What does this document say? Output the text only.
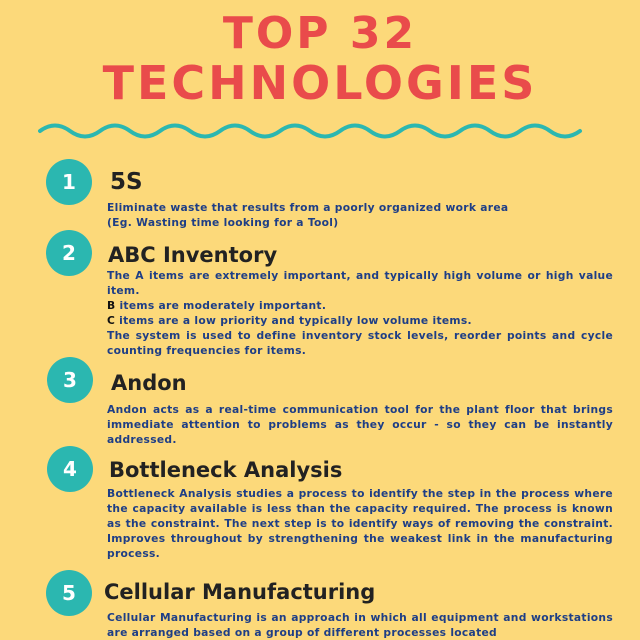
TOP 32
TECHNOLOGIES
1	5S

Eliminate waste that results from a poorly organized work area

(Eg. Wasting time looking for a Tool)

2	ABC Inventory

The A items are extremely important, and typically high volume or high value item.

B items are moderately important.

C items are a low priority and typically low volume items.

The system is used to define inventory stock levels, reorder points and cycle counting frequencies for items.

3	Andon

Andon acts as a real-time communication tool for the plant floor that brings immediate attention to problems as they occur - so they can be instantly addressed.

4	Bottleneck Analysis

Bottleneck Analysis studies a process to identify the step in the process where the capacity available is less than the capacity required. The process is known as the constraint. The next step is to identify ways of removing the constraint. Improves throughout by strengthening the weakest link in the manufacturing process.

5	Cellular Manufacturing

Cellular Manufacturing is an approach in which all equipment and workstations are arranged based on a group of different processes located
